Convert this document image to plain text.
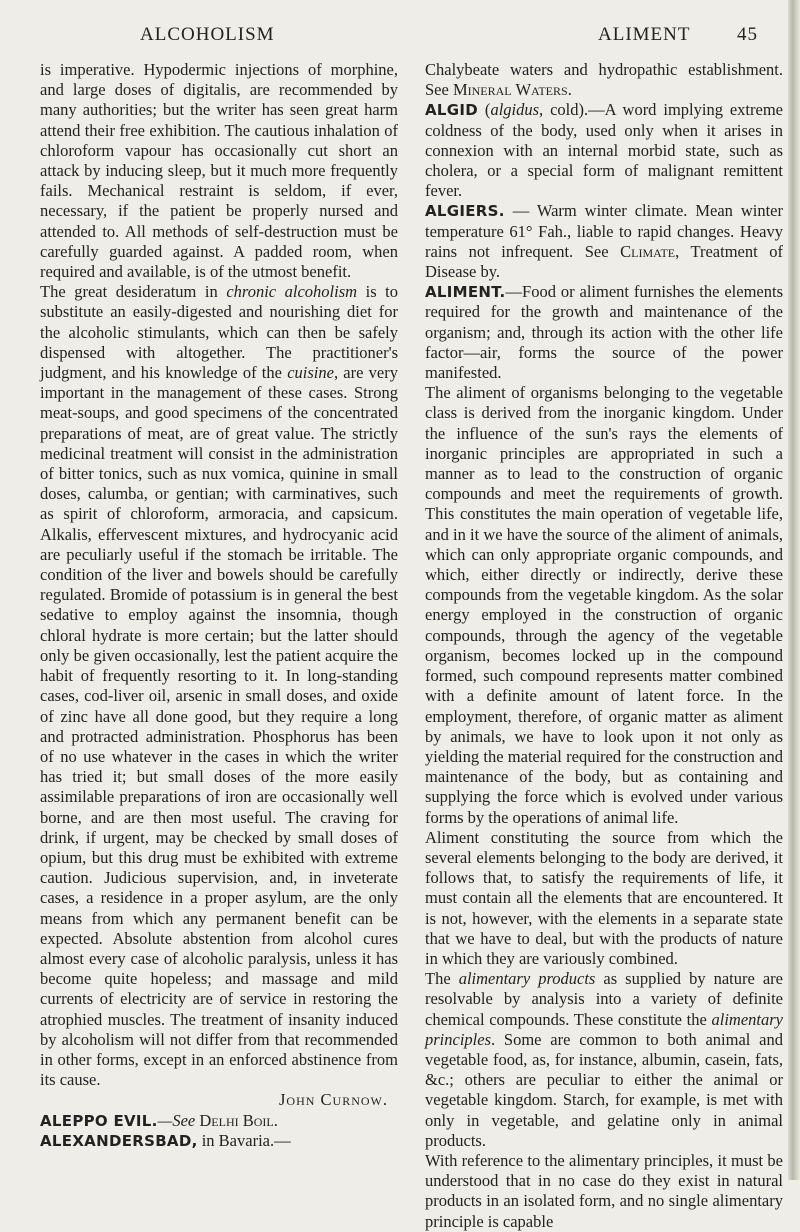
ALCOHOLISM	ALIMENT 45

is imperative. Hypodermic injections of morphine, and large doses of digitalis, are recommended by many authorities; but the writer has seen great harm attend their free exhibition. The cautious inhalation of chloroform vapour has occasionally cut short an attack by inducing sleep, but it much more frequently fails. Mechanical restraint is seldom, if ever, necessary, if the patient be properly nursed and attended to. All methods of self-destruction must be carefully guarded against. A padded room, when required and available, is of the utmost benefit.

The great desideratum in chronic alcoholism is to substitute an easily-digested and nourishing diet for the alcoholic stimulants, which can then be safely dispensed with altogether. The practitioner's judgment, and his knowledge of the cuisine, are very important in the management of these cases. Strong meat-soups, and good specimens of the concentrated preparations of meat, are of great value. The strictly medicinal treatment will consist in the administration of bitter tonics, such as nux vomica, quinine in small doses, calumba, or gentian; with carminatives, such as spirit of chloroform, armoracia, and capsicum. Alkalis, effervescent mixtures, and hydrocyanic acid are peculiarly useful if the stomach be irritable. The condition of the liver and bowels should be carefully regulated. Bromide of potassium is in general the best sedative to employ against the insomnia, though chloral hydrate is more certain; but the latter should only be given occasionally, lest the patient acquire the habit of frequently resorting to it. In long-standing cases, cod-liver oil, arsenic in small doses, and oxide of zinc have all done good, but they require a long and protracted administration. Phosphorus has been of no use whatever in the cases in which the writer has tried it; but small doses of the more easily assimilable preparations of iron are occasionally well borne, and are then most useful. The craving for drink, if urgent, may be checked by small doses of opium, but this drug must be exhibited with extreme caution. Judicious supervision, and, in inveterate cases, a residence in a proper asylum, are the only means from which any permanent benefit can be expected. Absolute abstention from alcohol cures almost every case of alcoholic paralysis, unless it has become quite hopeless; and massage and mild currents of electricity are of service in restoring the atrophied muscles. The treatment of insanity induced by alcoholism will not differ from that recommended in other forms, except in an enforced abstinence from its cause.

John Curnow.

ALEPPO EVIL.—See Delhi Boil.

ALEXANDERSBAD, in Bavaria.—

Chalybeate waters and hydropathic establishment. See Mineral Waters.

ALGID (algidus, cold).—A word implying extreme coldness of the body, used only when it arises in connexion with an internal morbid state, such as cholera, or a special form of malignant remittent fever.

ALGIERS. — Warm winter climate. Mean winter temperature 61° Fah., liable to rapid changes. Heavy rains not infrequent. See Climate, Treatment of Disease by.

ALIMENT.—Food or aliment furnishes the elements required for the growth and maintenance of the organism; and, through its action with the other life factor—air, forms the source of the power manifested.

The aliment of organisms belonging to the vegetable class is derived from the inorganic kingdom. Under the influence of the sun's rays the elements of inorganic principles are appropriated in such a manner as to lead to the construction of organic compounds and meet the requirements of growth. This constitutes the main operation of vegetable life, and in it we have the source of the aliment of animals, which can only appropriate organic compounds, and which, either directly or indirectly, derive these compounds from the vegetable kingdom. As the solar energy employed in the construction of organic compounds, through the agency of the vegetable organism, becomes locked up in the compound formed, such compound represents matter combined with a definite amount of latent force. In the employment, therefore, of organic matter as aliment by animals, we have to look upon it not only as yielding the material required for the construction and maintenance of the body, but as containing and supplying the force which is evolved under various forms by the operations of animal life.

Aliment constituting the source from which the several elements belonging to the body are derived, it follows that, to satisfy the requirements of life, it must contain all the elements that are encountered. It is not, however, with the elements in a separate state that we have to deal, but with the products of nature in which they are variously combined.

The alimentary products as supplied by nature are resolvable by analysis into a variety of definite chemical compounds. These constitute the alimentary principles. Some are common to both animal and vegetable food, as, for instance, albumin, casein, fats, &c.; others are peculiar to either the animal or vegetable kingdom. Starch, for example, is met with only in vegetable, and gelatine only in animal products.

With reference to the alimentary principles, it must be understood that in no case do they exist in natural products in an isolated form, and no single alimentary principle is capable
